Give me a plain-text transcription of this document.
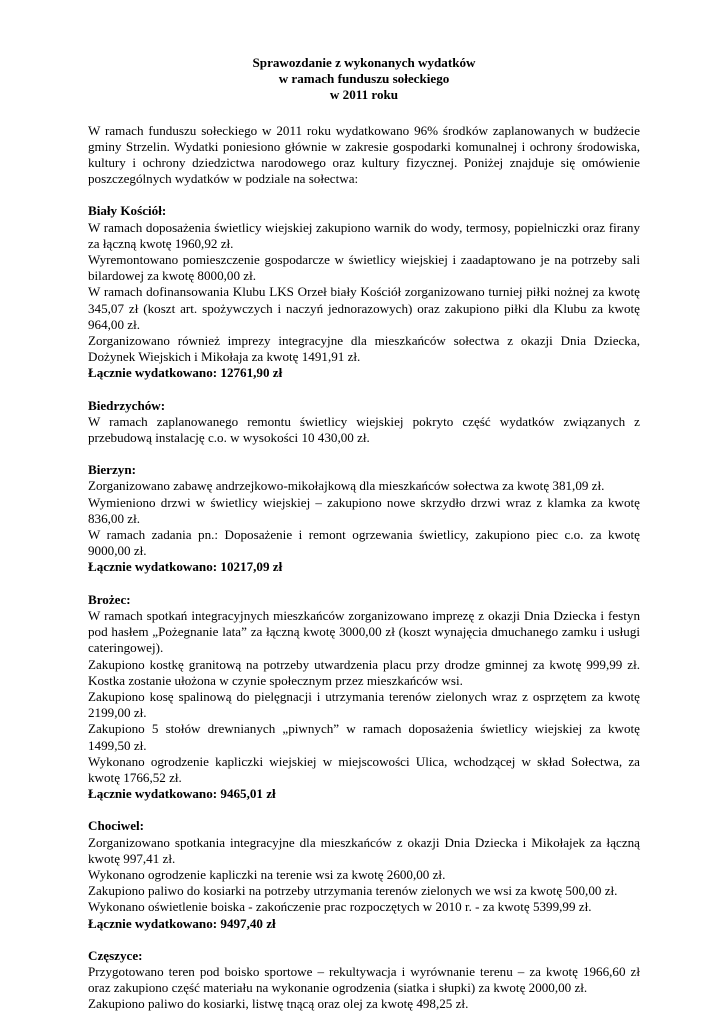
Sprawozdanie z wykonanych wydatków

w ramach funduszu sołeckiego

w 2011 roku

W ramach funduszu sołeckiego w 2011 roku wydatkowano 96% środków zaplanowanych w budżecie gminy Strzelin. Wydatki poniesiono głównie w zakresie gospodarki komunalnej i ochrony środowiska, kultury i ochrony dziedzictwa narodowego oraz kultury fizycznej. Poniżej znajduje się omówienie poszczególnych wydatków w podziale na sołectwa:

Biały Kościół:

W ramach doposażenia świetlicy wiejskiej zakupiono warnik do wody, termosy, popielniczki oraz firany za łączną kwotę 1960,92 zł.

Wyremontowano pomieszczenie gospodarcze w świetlicy wiejskiej i zaadaptowano je na potrzeby sali bilardowej za kwotę 8000,00 zł.

W ramach dofinansowania Klubu LKS Orzeł biały Kościół zorganizowano turniej piłki nożnej za kwotę 345,07 zł (koszt art. spożywczych i naczyń jednorazowych) oraz zakupiono piłki dla Klubu za kwotę 964,00 zł.

Zorganizowano również imprezy integracyjne dla mieszkańców sołectwa z okazji Dnia Dziecka, Dożynek Wiejskich i Mikołaja za kwotę 1491,91 zł.

Łącznie wydatkowano: 12761,90 zł

Biedrzychów:

W ramach zaplanowanego remontu świetlicy wiejskiej pokryto część wydatków związanych z przebudową instalację c.o. w wysokości 10 430,00 zł.

Bierzyn:

Zorganizowano zabawę andrzejkowo-mikołajkową dla mieszkańców sołectwa za kwotę 381,09 zł.

Wymieniono drzwi w świetlicy wiejskiej – zakupiono nowe skrzydło drzwi wraz z klamka za kwotę 836,00 zł.

W ramach zadania pn.: Doposażenie i remont ogrzewania świetlicy, zakupiono piec c.o. za kwotę 9000,00 zł.

Łącznie wydatkowano: 10217,09 zł

Brożec:

W ramach spotkań integracyjnych mieszkańców zorganizowano imprezę z okazji Dnia Dziecka i festyn pod hasłem „Pożegnanie lata” za łączną kwotę 3000,00 zł (koszt wynajęcia dmuchanego zamku i usługi cateringowej).

Zakupiono kostkę granitową na potrzeby utwardzenia placu przy drodze gminnej za kwotę 999,99 zł. Kostka zostanie ułożona w czynie społecznym przez mieszkańców wsi.

Zakupiono kosę spalinową do pielęgnacji i utrzymania terenów zielonych wraz z osprzętem za kwotę 2199,00 zł.

Zakupiono 5 stołów drewnianych „piwnych” w ramach doposażenia świetlicy wiejskiej za kwotę 1499,50 zł.

Wykonano ogrodzenie kapliczki wiejskiej w miejscowości Ulica, wchodzącej w skład Sołectwa, za kwotę 1766,52 zł.

Łącznie wydatkowano: 9465,01 zł

Chociwel:

Zorganizowano spotkania integracyjne dla mieszkańców z okazji Dnia Dziecka i Mikołajek za łączną kwotę 997,41 zł.

Wykonano ogrodzenie kapliczki na terenie wsi za kwotę 2600,00 zł.

Zakupiono paliwo do kosiarki na potrzeby utrzymania terenów zielonych we wsi za kwotę 500,00 zł.

Wykonano oświetlenie boiska - zakończenie prac rozpoczętych w 2010 r. - za kwotę 5399,99 zł.

Łącznie wydatkowano: 9497,40 zł

Częszyce:

Przygotowano teren pod boisko sportowe – rekultywacja i wyrównanie terenu – za kwotę 1966,60 zł oraz zakupiono część materiału na wykonanie ogrodzenia (siatka i słupki) za kwotę 2000,00 zł.

Zakupiono paliwo do kosiarki, listwę tnącą oraz olej za kwotę 498,25 zł.
